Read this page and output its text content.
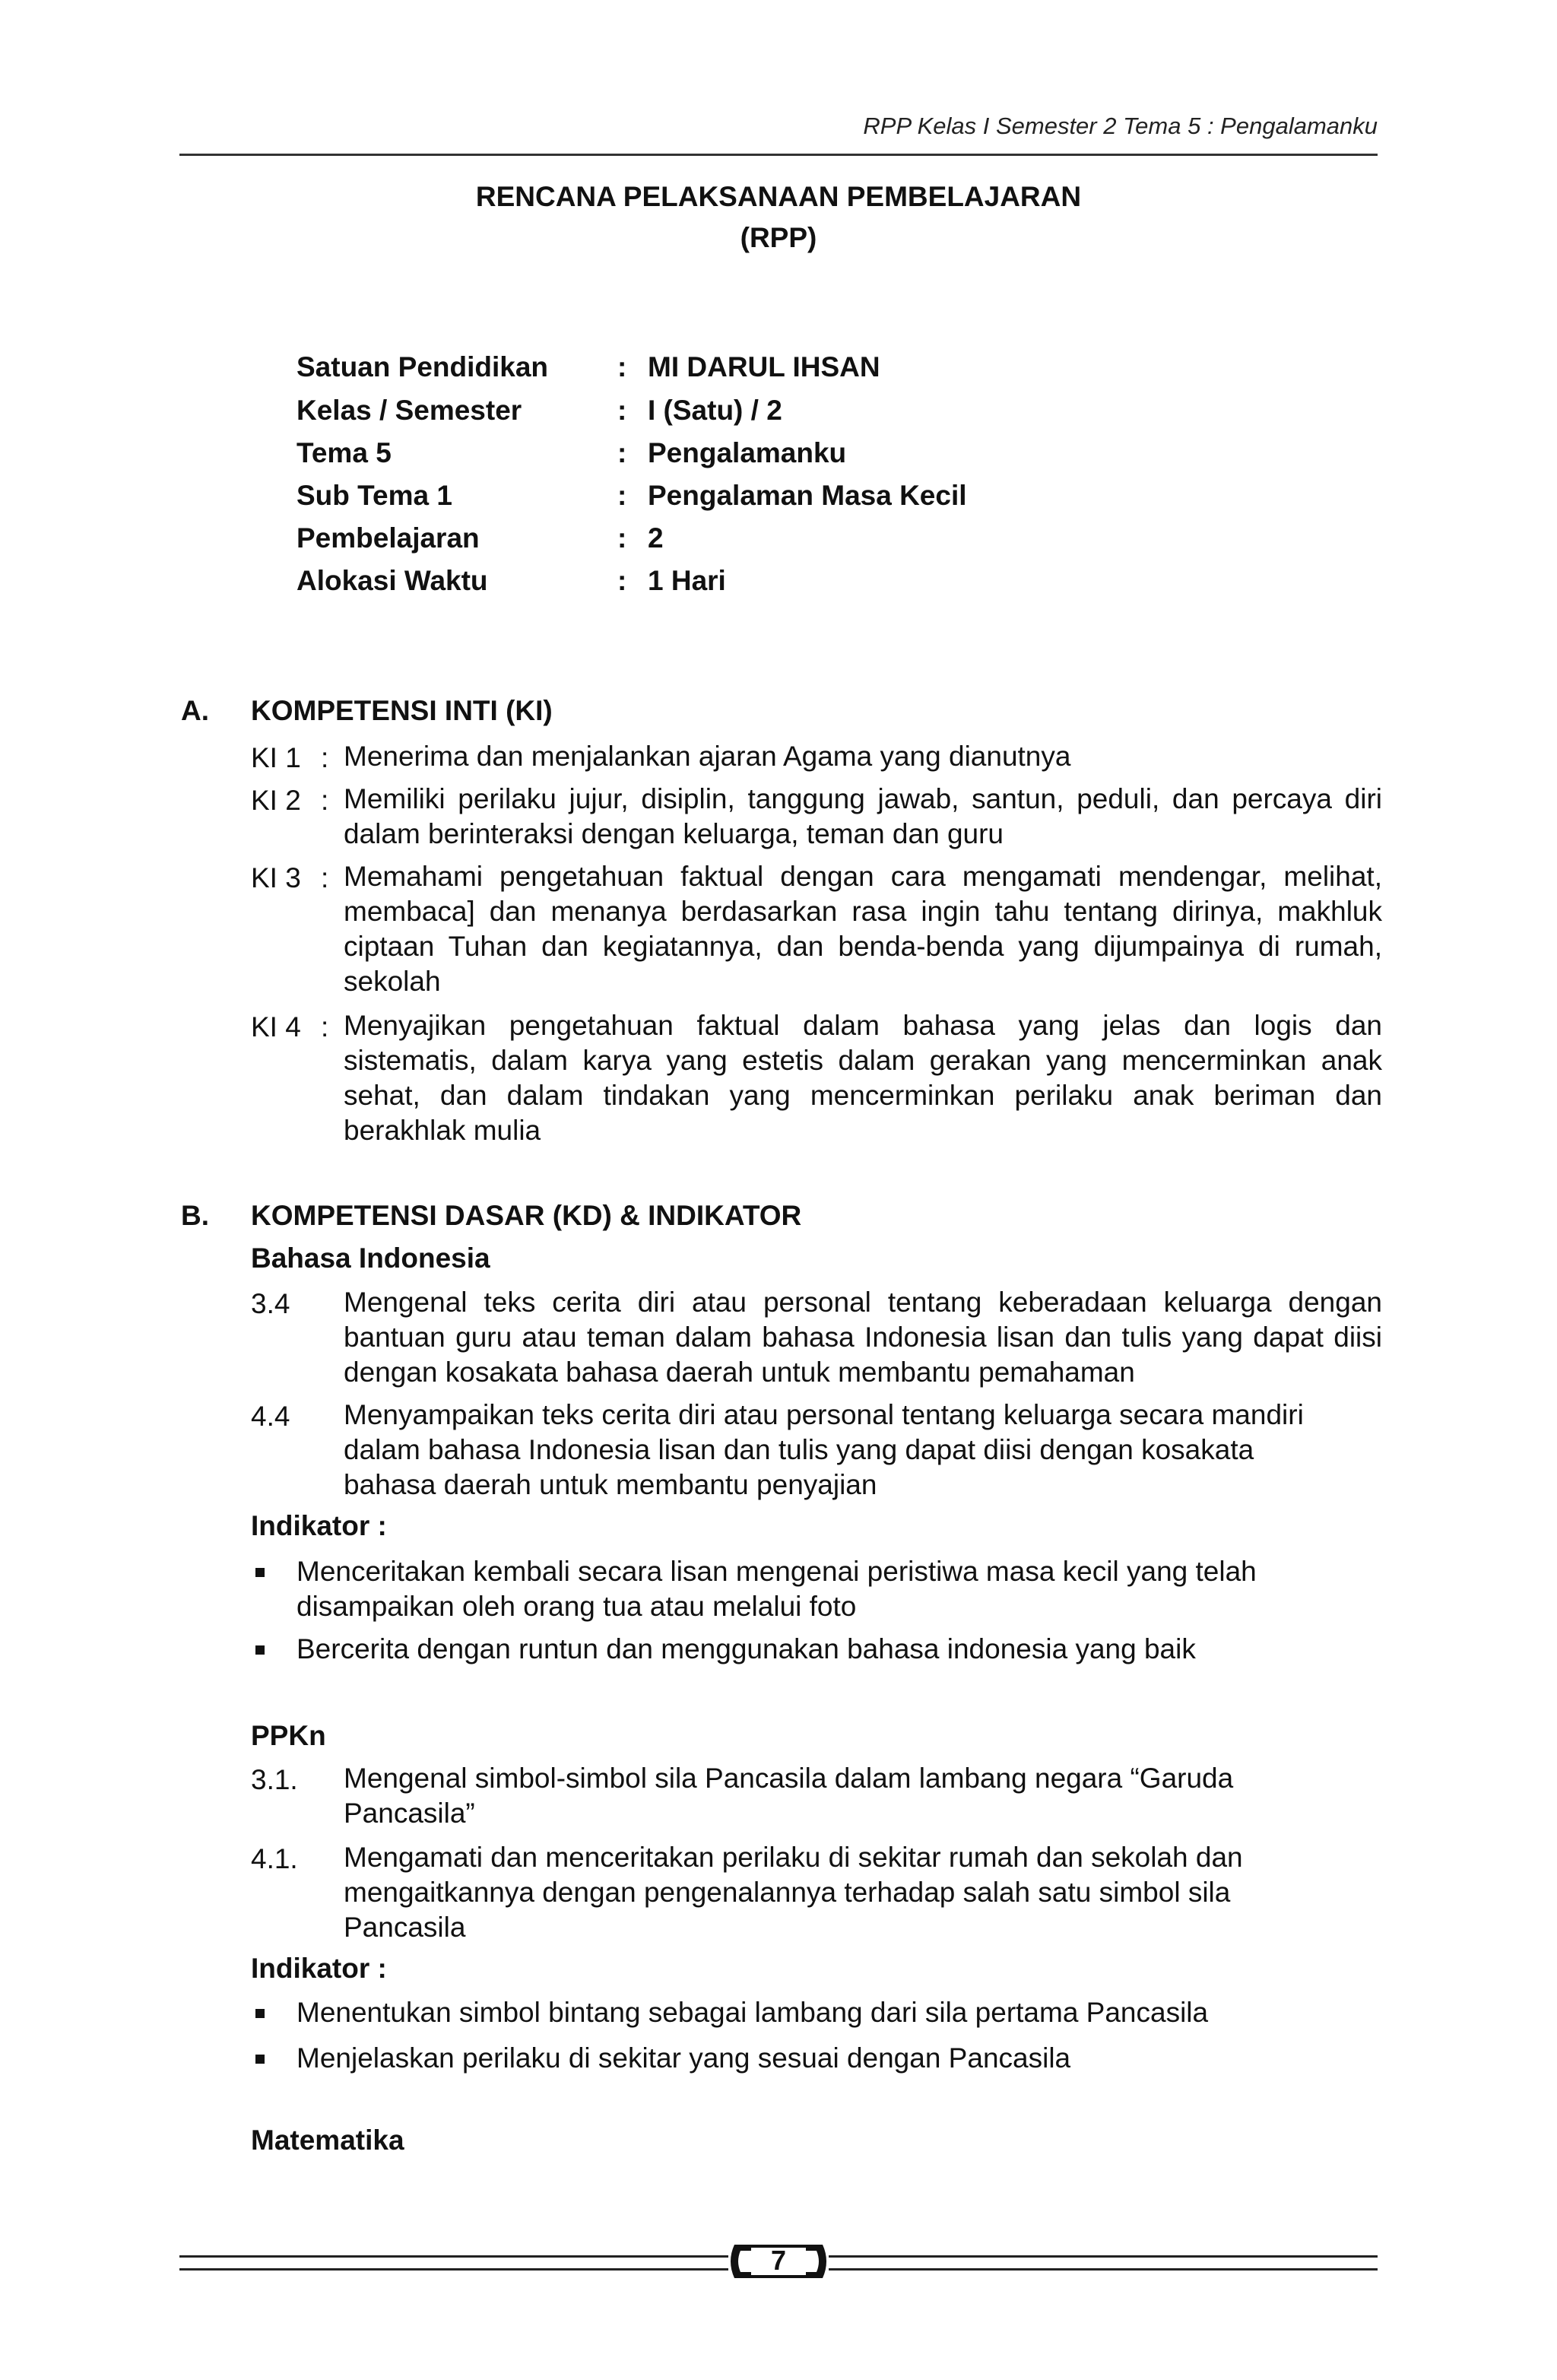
RPP Kelas I Semester 2 Tema 5 : Pengalamanku
RENCANA PELAKSANAAN PEMBELAJARAN
(RPP)
Satuan Pendidikan : MI DARUL IHSAN
Kelas / Semester	: I (Satu) / 2
Tema 5	: Pengalamanku
Sub Tema 1	: Pengalaman Masa Kecil
Pembelajaran	: 2
Alokasi Waktu	: 1 Hari
A. KOMPETENSI INTI (KI)
KI 1 : Menerima dan menjalankan ajaran Agama yang dianutnya
KI 2 : Memiliki perilaku jujur, disiplin, tanggung jawab, santun, peduli, dan percaya diri dalam berinteraksi dengan keluarga, teman dan guru
KI 3 : Memahami pengetahuan faktual dengan cara mengamati mendengar, melihat, membaca] dan menanya berdasarkan rasa ingin tahu tentang dirinya, makhluk ciptaan Tuhan dan kegiatannya, dan benda-benda yang dijumpainya di rumah, sekolah
KI 4 : Menyajikan pengetahuan faktual dalam bahasa yang jelas dan logis dan sistematis, dalam karya yang estetis dalam gerakan yang mencerminkan anak sehat, dan dalam tindakan yang mencerminkan perilaku anak beriman dan berakhlak mulia
B. KOMPETENSI DASAR (KD) & INDIKATOR
Bahasa Indonesia
3.4 Mengenal teks cerita diri atau personal tentang keberadaan keluarga dengan bantuan guru atau teman dalam bahasa Indonesia lisan dan tulis yang dapat diisi dengan kosakata bahasa daerah untuk membantu pemahaman
4.4 Menyampaikan teks cerita diri atau personal tentang keluarga secara mandiri dalam bahasa Indonesia lisan dan tulis yang dapat diisi dengan kosakata bahasa daerah untuk membantu penyajian
Indikator :
Menceritakan kembali secara lisan mengenai peristiwa masa kecil yang telah disampaikan oleh orang tua atau melalui foto
Bercerita dengan runtun dan menggunakan bahasa indonesia yang baik
PPKn
3.1. Mengenal simbol-simbol sila Pancasila dalam lambang negara “Garuda Pancasila”
4.1. Mengamati dan menceritakan perilaku di sekitar rumah dan sekolah dan mengaitkannya dengan pengenalannya terhadap salah satu simbol sila Pancasila
Indikator :
Menentukan simbol bintang sebagai lambang dari sila pertama Pancasila
Menjelaskan perilaku di sekitar yang sesuai dengan Pancasila
Matematika
7
